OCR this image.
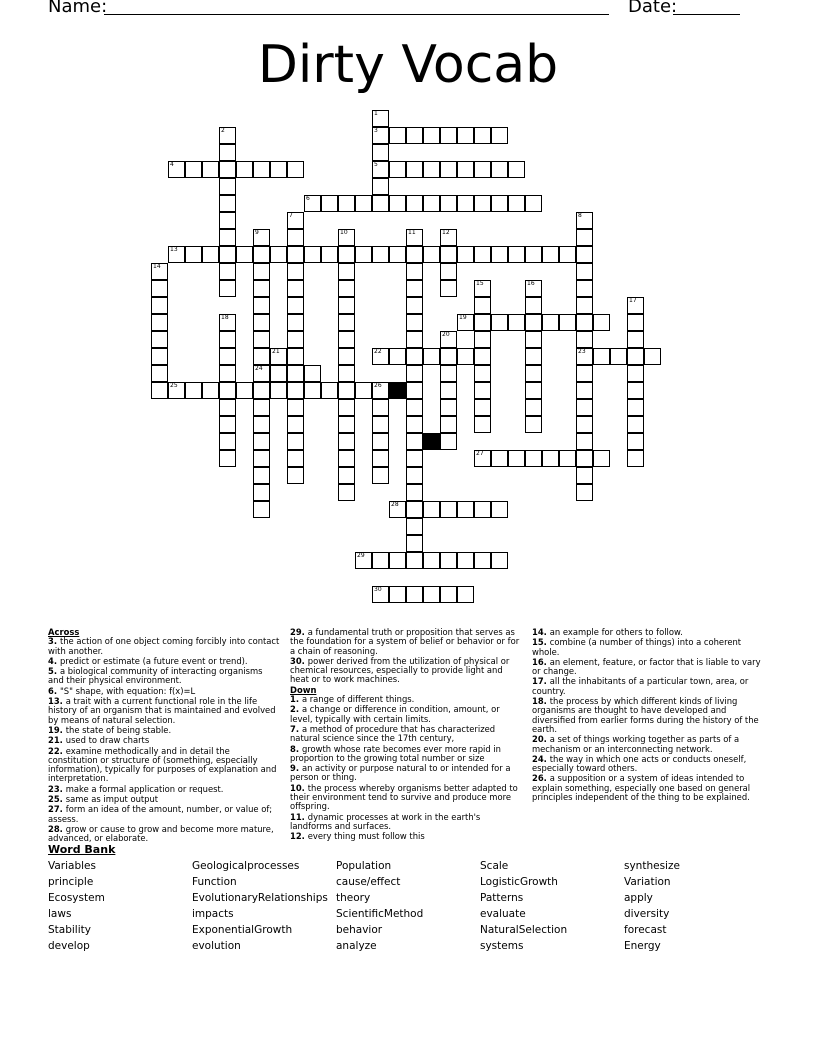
Name:	Date:
Dirty Vocab
1
3
5
2
4
6
7	8
23
9
24
10	11	12
13
14
15	16
17
18	19
20
21	22
25	26
27
28
29
30
Across
3. the action of one object coming forcibly into contact with another.
4. predict or estimate (a future event or trend).
5. a biological community of interacting organisms and their physical environment.
6. "S" shape, with equation: f(x)=L
13. a trait with a current functional role in the life history of an organism that is maintained and evolved by means of natural selection.
19. the state of being stable.
21. used to draw charts
22. examine methodically and in detail the constitution or structure of (something, especially information), typically for purposes of explanation and interpretation.
23. make a formal application or request.
25. same as imput output
27. form an idea of the amount, number, or value of; assess.
28. grow or cause to grow and become more mature, advanced, or elaborate.
29. a fundamental truth or proposition that serves as the foundation for a system of belief or behavior or for a chain of reasoning.
30. power derived from the utilization of physical or chemical resources, especially to provide light and heat or to work machines.
Down
1. a range of different things.
2. a change or difference in condition, amount, or level, typically with certain limits.
7. a method of procedure that has characterized natural science since the 17th century,
8. growth whose rate becomes ever more rapid in proportion to the growing total number or size
9. an activity or purpose natural to or intended for a person or thing.
10. the process whereby organisms better adapted to their environment tend to survive and produce more offspring.
11. dynamic processes at work in the earth's landforms and surfaces.
12. every thing must follow this
14. an example for others to follow.
15. combine (a number of things) into a coherent whole.
16. an element, feature, or factor that is liable to vary or change.
17. all the inhabitants of a particular town, area, or country.
18. the process by which different kinds of living organisms are thought to have developed and diversified from earlier forms during the history of the earth.
20. a set of things working together as parts of a mechanism or an interconnecting network.
24. the way in which one acts or conducts oneself, especially toward others.
26. a supposition or a system of ideas intended to explain something, especially one based on general principles independent of the thing to be explained.
Word Bank
Variables
principle
Ecosystem
laws
Stability
develop
Geologicalprocesses
Function
EvolutionaryRelationships
impacts
ExponentialGrowth
evolution
Population
cause/effect
theory
ScientificMethod
behavior
analyze
Scale
LogisticGrowth
Patterns
evaluate
NaturalSelection
systems
synthesize
Variation
apply
diversity
forecast
Energy
